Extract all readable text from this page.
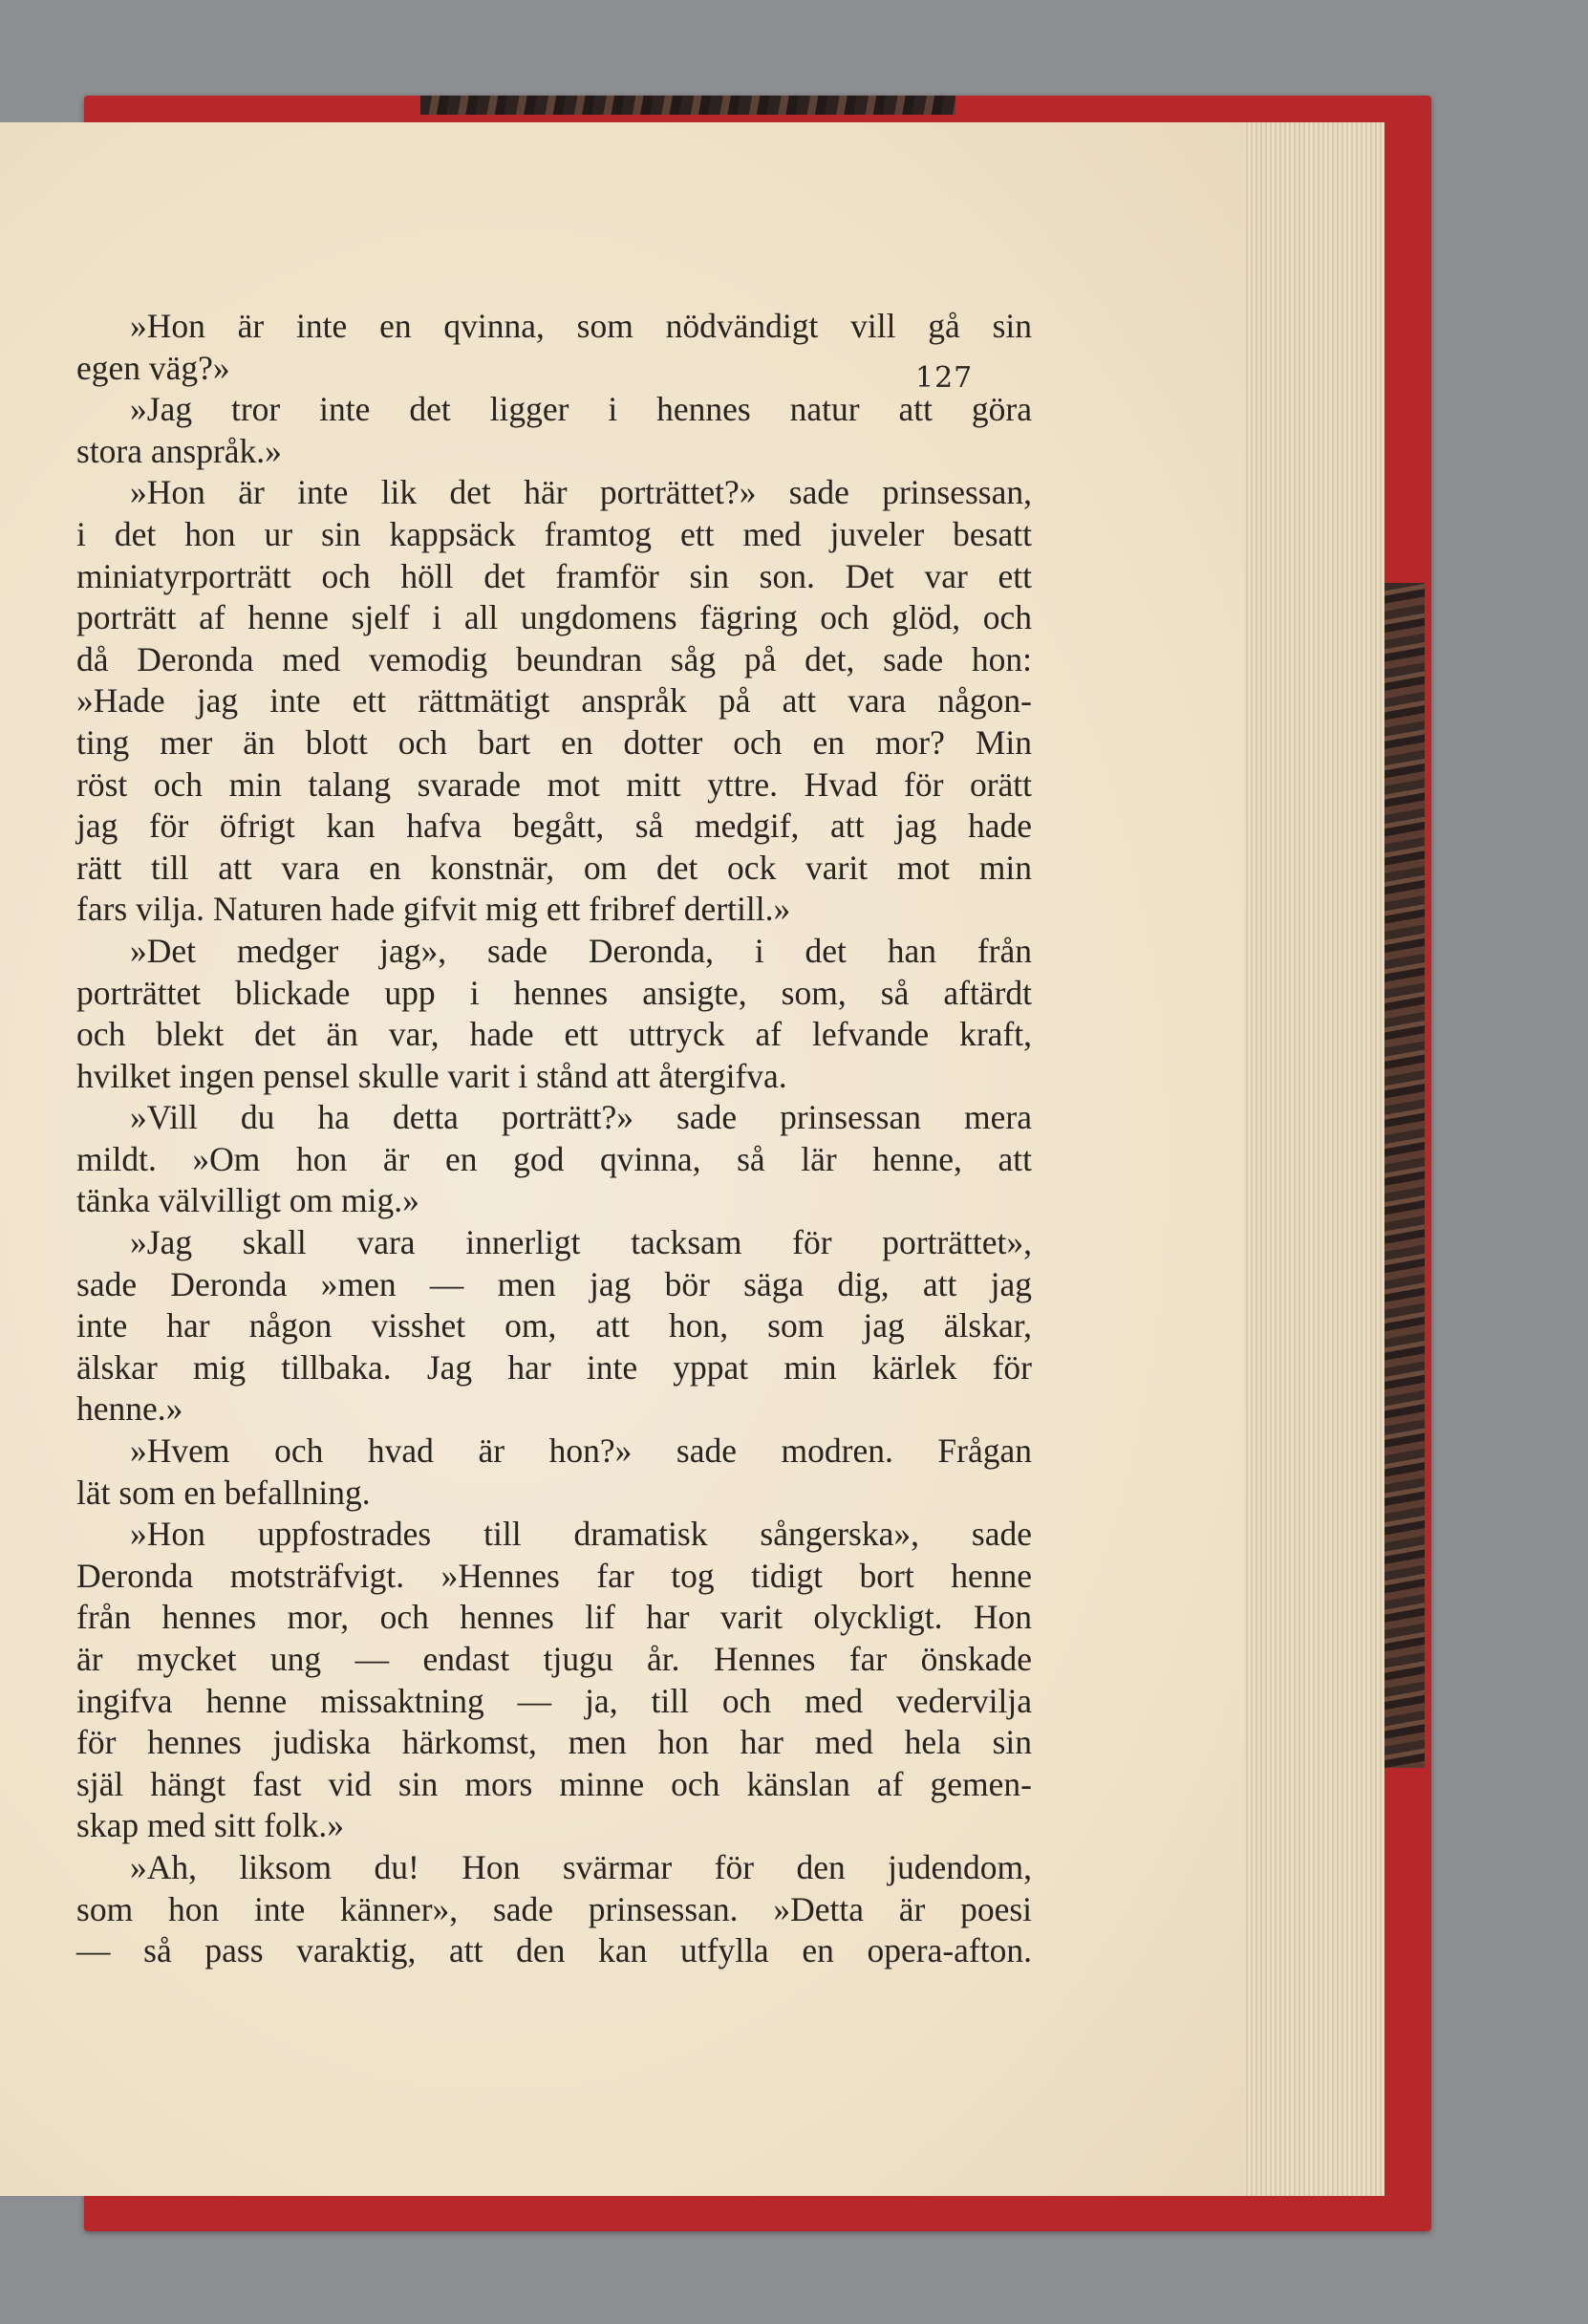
127
»Hon är inte en qvinna, som nödvändigt vill gå sin
egen väg?»
»Jag tror inte det ligger i hennes natur att göra
stora anspråk.»
»Hon är inte lik det här porträttet?» sade prinsessan,
i det hon ur sin kappsäck framtog ett med juveler besatt
miniatyrporträtt och höll det framför sin son. Det var ett
porträtt af henne sjelf i all ungdomens fägring och glöd, och
då Deronda med vemodig beundran såg på det, sade hon:
»Hade jag inte ett rättmätigt anspråk på att vara någon-
ting mer än blott och bart en dotter och en mor? Min
röst och min talang svarade mot mitt yttre. Hvad för orätt
jag för öfrigt kan hafva begått, så medgif, att jag hade
rätt till att vara en konstnär, om det ock varit mot min
fars vilja. Naturen hade gifvit mig ett fribref dertill.»
»Det medger jag», sade Deronda, i det han från
porträttet blickade upp i hennes ansigte, som, så aftärdt
och blekt det än var, hade ett uttryck af lefvande kraft,
hvilket ingen pensel skulle varit i stånd att återgifva.
»Vill du ha detta porträtt?» sade prinsessan mera
mildt. »Om hon är en god qvinna, så lär henne, att
tänka välvilligt om mig.»
»Jag skall vara innerligt tacksam för porträttet»,
sade Deronda »men — men jag bör säga dig, att jag
inte har någon visshet om, att hon, som jag älskar,
älskar mig tillbaka. Jag har inte yppat min kärlek för
henne.»
»Hvem och hvad är hon?» sade modren. Frågan
lät som en befallning.
»Hon uppfostrades till dramatisk sångerska», sade
Deronda motsträfvigt. »Hennes far tog tidigt bort henne
från hennes mor, och hennes lif har varit olyckligt. Hon
är mycket ung — endast tjugu år. Hennes far önskade
ingifva henne missaktning — ja, till och med vedervilja
för hennes judiska härkomst, men hon har med hela sin
själ hängt fast vid sin mors minne och känslan af gemen-
skap med sitt folk.»
»Ah, liksom du! Hon svärmar för den judendom,
som hon inte känner», sade prinsessan. »Detta är poesi
— så pass varaktig, att den kan utfylla en opera-afton.
